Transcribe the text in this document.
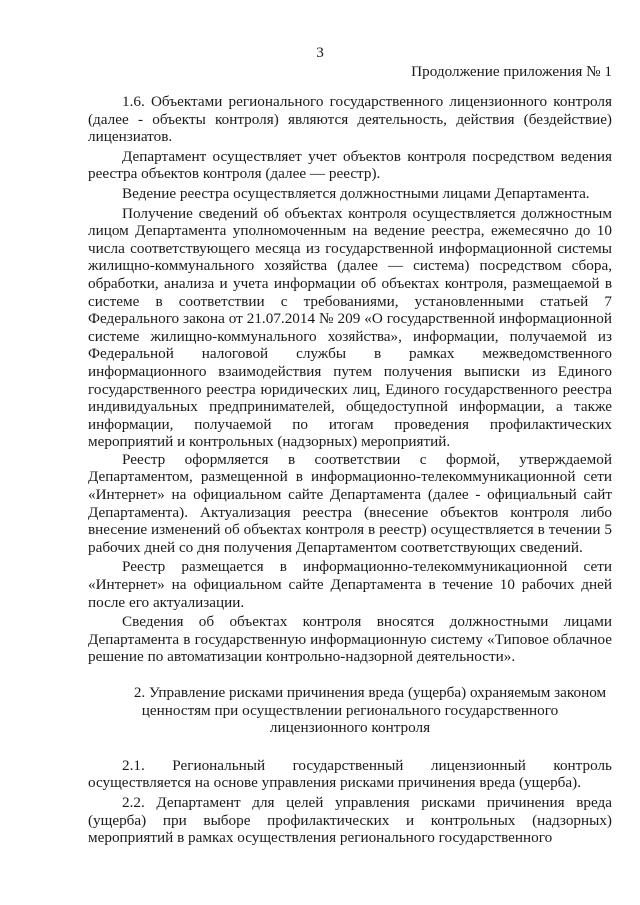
3
Продолжение приложения № 1

1.6. Объектами регионального государственного лицензионного контроля (далее - объекты контроля) являются деятельность, действия (бездействие) лицензиатов.

Департамент осуществляет учет объектов контроля посредством ведения реестра объектов контроля (далее — реестр).

Ведение реестра осуществляется должностными лицами Департамента.

Получение сведений об объектах контроля осуществляется должностным лицом Департамента уполномоченным на ведение реестра, ежемесячно до 10 числа соответствующего месяца из государственной информационной системы жилищно-коммунального хозяйства (далее — система) посредством сбора, обработки, анализа и учета информации об объектах контроля, размещаемой в системе в соответствии с требованиями, установленными статьей 7 Федерального закона от 21.07.2014 № 209 «О государственной информационной системе жилищно-коммунального хозяйства», информации, получаемой из Федеральной налоговой службы в рамках межведомственного информационного взаимодействия путем получения выписки из Единого государственного реестра юридических лиц, Единого государственного реестра индивидуальных предпринимателей, общедоступной информации, а также информации, получаемой по итогам проведения профилактических мероприятий и контрольных (надзорных) мероприятий.

Реестр оформляется в соответствии с формой, утверждаемой Департаментом, размещенной в информационно-телекоммуникационной сети «Интернет» на официальном сайте Департамента (далее - официальный сайт Департамента). Актуализация реестра (внесение объектов контроля либо внесение изменений об объектах контроля в реестр) осуществляется в течении 5 рабочих дней со дня получения Департаментом соответствующих сведений.

Реестр размещается в информационно-телекоммуникационной сети «Интернет» на официальном сайте Департамента в течение 10 рабочих дней после его актуализации.

Сведения об объектах контроля вносятся должностными лицами Департамента в государственную информационную систему «Типовое облачное решение по автоматизации контрольно-надзорной деятельности».

2. Управление рисками причинения вреда (ущерба) охраняемым законом
ценностям при осуществлении регионального государственного
лицензионного контроля

2.1. Региональный государственный лицензионный контроль осуществляется на основе управления рисками причинения вреда (ущерба).

2.2. Департамент для целей управления рисками причинения вреда (ущерба) при выборе профилактических и контрольных (надзорных) мероприятий в рамках осуществления регионального государственного
